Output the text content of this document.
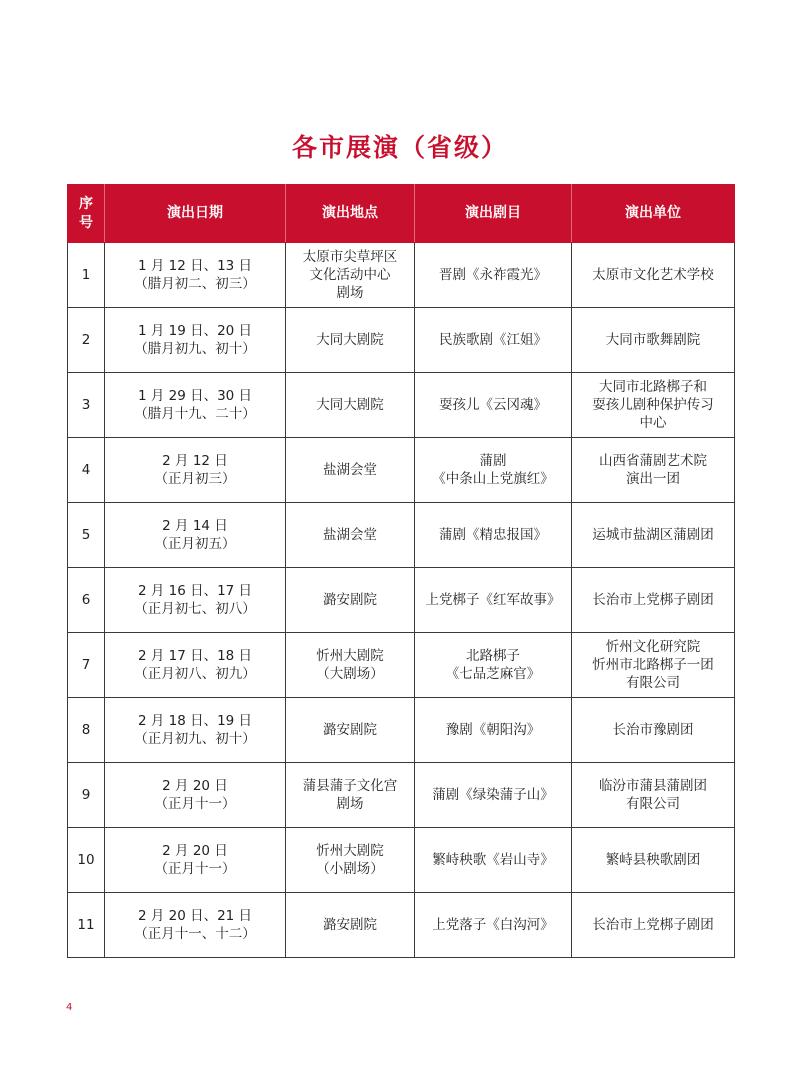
各市展演（省级）
序
号	演出日期	演出地点	演出剧目	演出单位
1	1 月 12 日、13 日
（腊月初二、初三）	太原市尖草坪区
文化活动中心
剧场	晋剧《永祚霞光》	太原市文化艺术学校
2	1 月 19 日、20 日
（腊月初九、初十）	大同大剧院	民族歌剧《江姐》	大同市歌舞剧院
3	1 月 29 日、30 日
（腊月十九、二十）	大同大剧院	耍孩儿《云冈魂》	大同市北路梆子和
耍孩儿剧种保护传习
中心
4	2 月 12 日
（正月初三）	盐湖会堂	蒲剧
《中条山上党旗红》	山西省蒲剧艺术院
演出一团
5	2 月 14 日
（正月初五）	盐湖会堂	蒲剧《精忠报国》	运城市盐湖区蒲剧团
6	2 月 16 日、17 日
（正月初七、初八）	潞安剧院	上党梆子《红军故事》	长治市上党梆子剧团
7	2 月 17 日、18 日
（正月初八、初九）	忻州大剧院
（大剧场）	北路梆子
《七品芝麻官》	忻州文化研究院
忻州市北路梆子一团
有限公司
8	2 月 18 日、19 日
（正月初九、初十）	潞安剧院	豫剧《朝阳沟》	长治市豫剧团
9	2 月 20 日
（正月十一）	蒲县蒲子文化宫
剧场	蒲剧《绿染蒲子山》	临汾市蒲县蒲剧团
有限公司
10	2 月 20 日
（正月十一）	忻州大剧院
（小剧场）	繁峙秧歌《岩山寺》	繁峙县秧歌剧团
11	2 月 20 日、21 日
（正月十一、十二）	潞安剧院	上党落子《白沟河》	长治市上党梆子剧团
4
